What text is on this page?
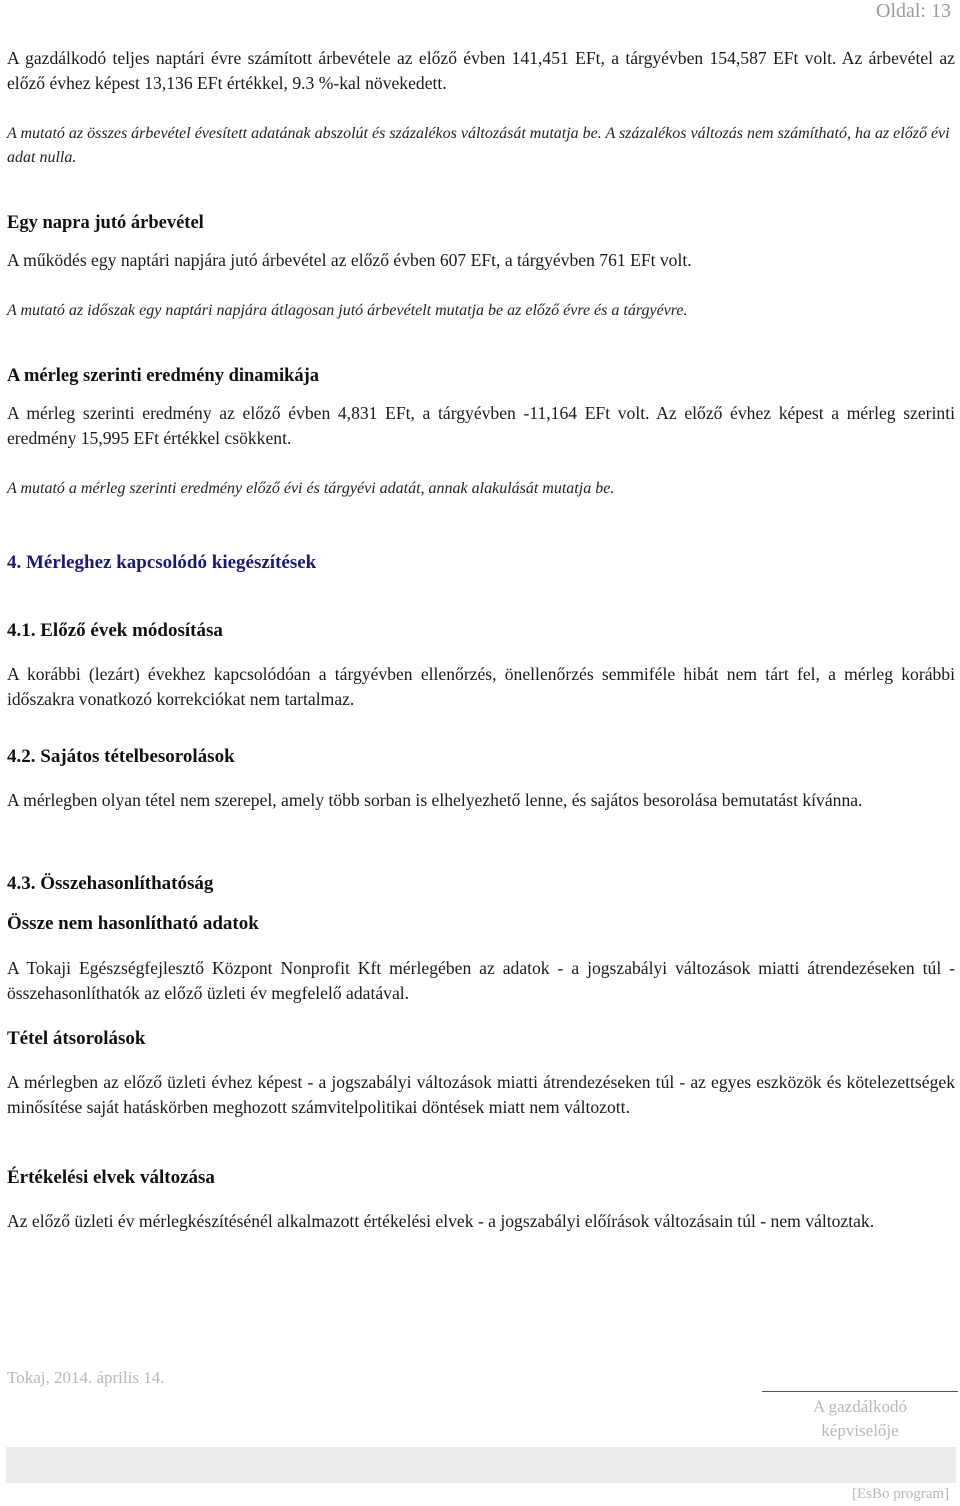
Oldal: 13
A gazdálkodó teljes naptári évre számított árbevétele az előző évben 141,451 EFt, a tárgyévben 154,587 EFt volt. Az árbevétel az előző évhez képest 13,136 EFt értékkel, 9.3 %-kal növekedett.
A mutató az összes árbevétel évesített adatának abszolút és százalékos változását mutatja be. A százalékos változás nem számítható, ha az előző évi adat nulla.
Egy napra jutó árbevétel
A működés egy naptári napjára jutó árbevétel az előző évben 607 EFt, a tárgyévben 761 EFt volt.
A mutató az időszak egy naptári napjára átlagosan jutó árbevételt mutatja be az előző évre és a tárgyévre.
A mérleg szerinti eredmény dinamikája
A mérleg szerinti eredmény az előző évben 4,831 EFt, a tárgyévben -11,164 EFt volt. Az előző évhez képest a mérleg szerinti eredmény 15,995 EFt értékkel csökkent.
A mutató a mérleg szerinti eredmény előző évi és tárgyévi adatát, annak alakulását mutatja be.
4. Mérleghez kapcsolódó kiegészítések
4.1. Előző évek módosítása
A korábbi (lezárt) évekhez kapcsolódóan a tárgyévben ellenőrzés, önellenőrzés semmiféle hibát nem tárt fel, a mérleg korábbi időszakra vonatkozó korrekciókat nem tartalmaz.
4.2. Sajátos tételbesorolások
A mérlegben olyan tétel nem szerepel, amely több sorban is elhelyezhető lenne, és sajátos besorolása bemutatást kívánna.
4.3. Összehasonlíthatóság
Össze nem hasonlítható adatok
A Tokaji Egészségfejlesztő Központ Nonprofit Kft mérlegében az adatok - a jogszabályi változások miatti átrendezéseken túl - összehasonlíthatók az előző üzleti év megfelelő adatával.
Tétel átsorolások
A mérlegben az előző üzleti évhez képest - a jogszabályi változások miatti átrendezéseken túl - az egyes eszközök és kötelezettségek minősítése saját hatáskörben meghozott számvitelpolitikai döntések miatt nem változott.
Értékelési elvek változása
Az előző üzleti év mérlegkészítésénél alkalmazott értékelési elvek - a jogszabályi előírások változásain túl - nem változtak.
Tokaj, 2014. április 14.
A gazdálkodó
képviselője
[EsBo program]
